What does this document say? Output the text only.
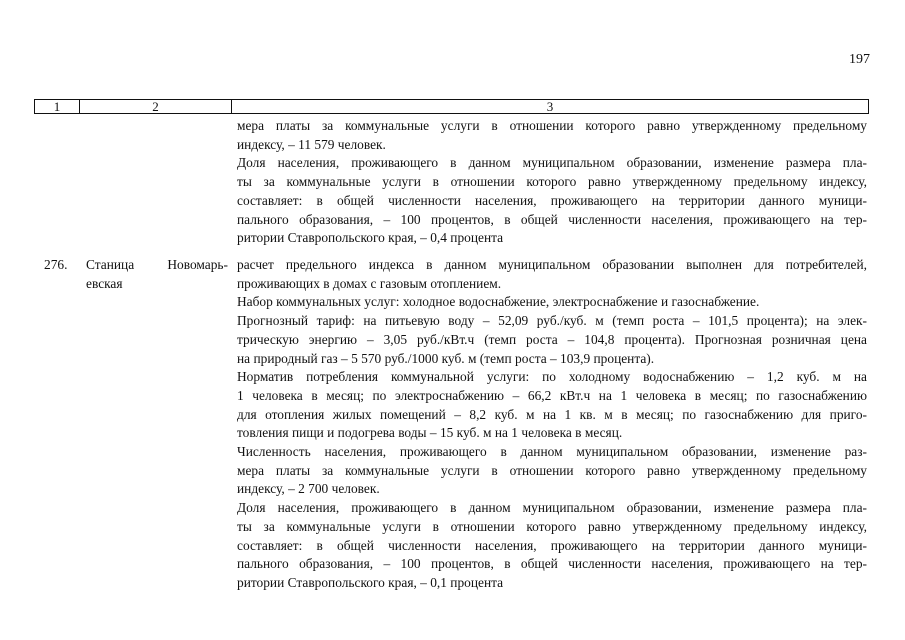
197
1	2	3
мера платы за коммунальные услуги в отношении которого равно утвержденному предельному
индексу, – 11 579 человек.
Доля населения, проживающего в данном муниципальном образовании, изменение размера пла-
ты за коммунальные услуги в отношении которого равно утвержденному предельному индексу,
составляет: в общей численности населения, проживающего на территории данного муници-
пального образования, – 100 процентов, в общей численности населения, проживающего на тер-
ритории Ставропольского края, – 0,4 процента
276. Станица Новомарь-
евская
расчет предельного индекса в данном муниципальном образовании выполнен для потребителей,
проживающих в домах с газовым отоплением.
Набор коммунальных услуг: холодное водоснабжение, электроснабжение и газоснабжение.
Прогнозный тариф: на питьевую воду – 52,09 руб./куб. м (темп роста – 101,5 процента); на элек-
трическую энергию – 3,05 руб./кВт.ч (темп роста – 104,8 процента). Прогнозная розничная цена
на природный газ – 5 570 руб./1000 куб. м (темп роста – 103,9 процента).
Норматив потребления коммунальной услуги: по холодному водоснабжению – 1,2 куб. м на
1 человека в месяц; по электроснабжению – 66,2 кВт.ч на 1 человека в месяц; по газоснабжению
для отопления жилых помещений – 8,2 куб. м на 1 кв. м в месяц; по газоснабжению для приго-
товления пищи и подогрева воды – 15 куб. м на 1 человека в месяц.
Численность населения, проживающего в данном муниципальном образовании, изменение раз-
мера платы за коммунальные услуги в отношении которого равно утвержденному предельному
индексу, – 2 700 человек.
Доля населения, проживающего в данном муниципальном образовании, изменение размера пла-
ты за коммунальные услуги в отношении которого равно утвержденному предельному индексу,
составляет: в общей численности населения, проживающего на территории данного муници-
пального образования, – 100 процентов, в общей численности населения, проживающего на тер-
ритории Ставропольского края, – 0,1 процента
